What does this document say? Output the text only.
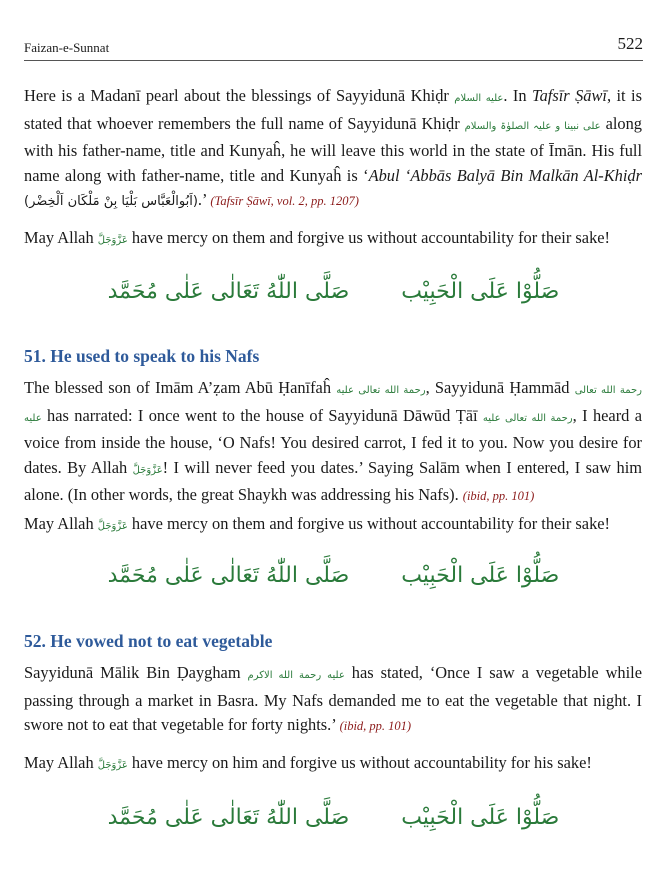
Faizan-e-Sunnat	522

Here is a Madanī pearl about the blessings of Sayyidunā Khiḍr عليه السلام. In Tafsīr Ṣāwī, it is stated that whoever remembers the full name of Sayyidunā Khiḍr علی نبینا و علیہ الصلوٰۃ والسلام along with his father-name, title and Kunyaĥ, he will leave this world in the state of Īmān. His full name along with father-name, title and Kunyaĥ is ‘Abul ‘Abbās Balyā Bin Malkān Al-Khiḍr (اَبُوالْعَبَّاس بَلْيَا بِنْ مَلْكَان اَلْخِضْر).’ (Tafsīr Ṣāwī, vol. 2, pp. 1207)

May Allah عَزَّوَجَلَّ have mercy on them and forgive us without accountability for their sake!

صَلُّوْا عَلَی الْحَبِیْبصَلَّی اللّٰهُ تَعَالٰی عَلٰی مُحَمَّد
51. He used to speak to his Nafs

The blessed son of Imām A’ẓam Abū Ḥanīfaĥ رحمة الله تعالی عليه, Sayyidunā Ḥammād رحمة الله تعالی عليه has narrated: I once went to the house of Sayyidunā Dāwūd Ṭāī رحمة الله تعالی عليه, I heard a voice from inside the house, ‘O Nafs! You desired carrot, I fed it to you. Now you desire for dates. By Allah عَزَّوَجَلَّ! I will never feed you dates.’ Saying Salām when I entered, I saw him alone. (In other words, the great Shaykh was addressing his Nafs). (ibid, pp. 101)

May Allah عَزَّوَجَلَّ have mercy on them and forgive us without accountability for their sake!

صَلُّوْا عَلَی الْحَبِیْبصَلَّی اللّٰهُ تَعَالٰی عَلٰی مُحَمَّد
52. He vowed not to eat vegetable

Sayyidunā Mālik Bin Ḍaygham عليه رحمة الله الاکرم has stated, ‘Once I saw a vegetable while passing through a market in Basra. My Nafs demanded me to eat the vegetable that night. I swore not to eat that vegetable for forty nights.’ (ibid, pp. 101)

May Allah عَزَّوَجَلَّ have mercy on him and forgive us without accountability for his sake!

صَلُّوْا عَلَی الْحَبِیْبصَلَّی اللّٰهُ تَعَالٰی عَلٰی مُحَمَّد
